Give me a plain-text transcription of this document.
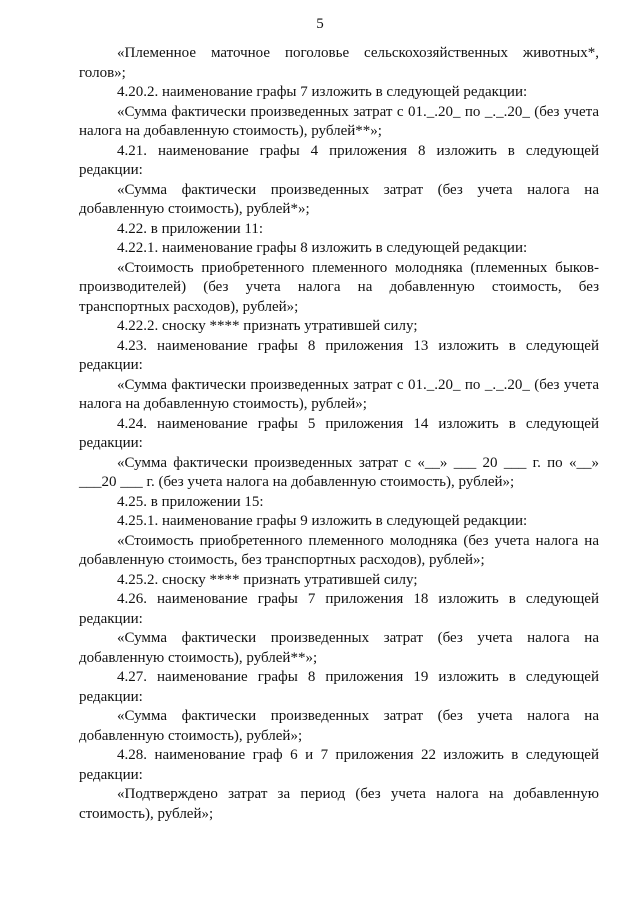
5

«Племенное маточное поголовье сельскохозяйственных животных*, голов»;

4.20.2. наименование графы 7 изложить в следующей редакции:

«Сумма фактически произведенных затрат с 01._.20_ по _._.20_ (без учета налога на добавленную стоимость), рублей**»;

4.21. наименование графы 4 приложения 8 изложить в следующей редакции:

«Сумма фактически произведенных затрат (без учета налога на добавленную стоимость), рублей*»;

4.22. в приложении 11:

4.22.1. наименование графы 8 изложить в следующей редакции:

«Стоимость приобретенного племенного молодняка (племенных быков-производителей) (без учета налога на добавленную стоимость, без транспортных расходов), рублей»;

4.22.2. сноску **** признать утратившей силу;

4.23. наименование графы 8 приложения 13 изложить в следующей редакции:

«Сумма фактически произведенных затрат с 01._.20_ по _._.20_ (без учета налога на добавленную стоимость), рублей»;

4.24. наименование графы 5 приложения 14 изложить в следующей редакции:

«Сумма фактически произведенных затрат с «__» ___ 20 ___ г. по «__» ___20 ___ г. (без учета налога на добавленную стоимость), рублей»;

4.25. в приложении 15:

4.25.1. наименование графы 9 изложить в следующей редакции:

«Стоимость приобретенного племенного молодняка (без учета налога на добавленную стоимость, без транспортных расходов), рублей»;

4.25.2. сноску **** признать утратившей силу;

4.26. наименование графы 7 приложения 18 изложить в следующей редакции:

«Сумма фактически произведенных затрат (без учета налога на добавленную стоимость), рублей**»;

4.27. наименование графы 8 приложения 19 изложить в следующей редакции:

«Сумма фактически произведенных затрат (без учета налога на добавленную стоимость), рублей»;

4.28. наименование граф 6 и 7 приложения 22 изложить в следующей редакции:

«Подтверждено затрат за период (без учета налога на добавленную стоимость), рублей»;
